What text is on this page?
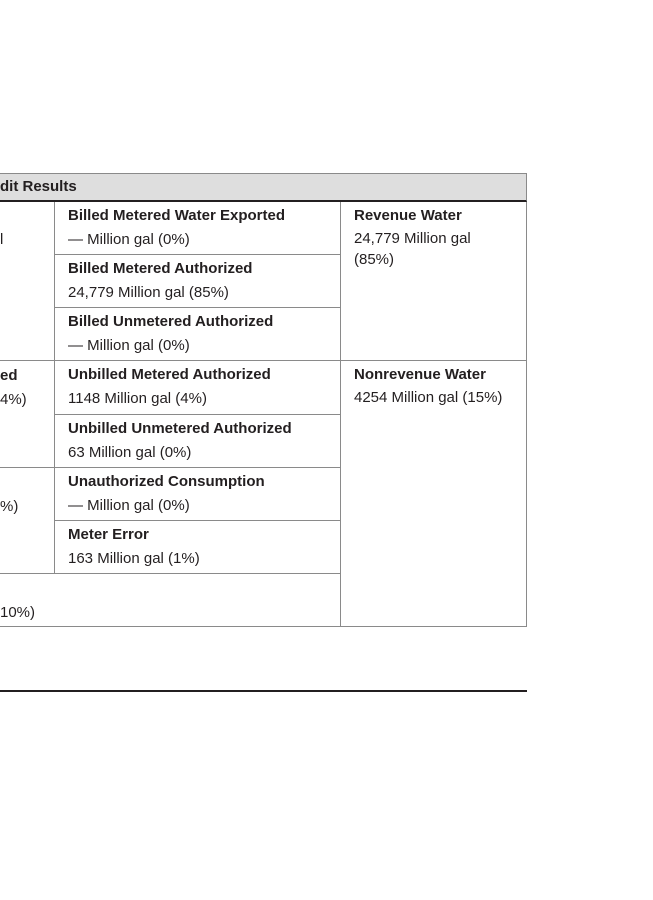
dit Results
l
ed
4%)
%)
10%)
Billed Metered Water Exported
— Million gal (0%)
Billed Metered Authorized
24,779 Million gal (85%)
Billed Unmetered Authorized
— Million gal (0%)
Unbilled Metered Authorized
1148 Million gal (4%)
Unbilled Unmetered Authorized
63 Million gal (0%)
Unauthorized Consumption
— Million gal (0%)
Meter Error
163 Million gal (1%)
Revenue Water
24,779 Million gal (85%)
Nonrevenue Water
4254 Million gal (15%)
